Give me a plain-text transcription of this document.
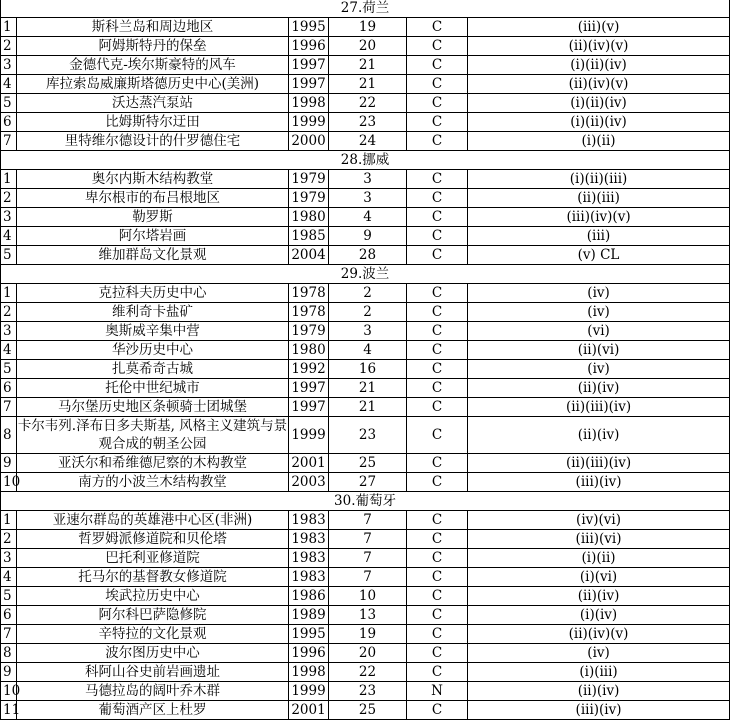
27.荷兰					
1	斯科兰岛和周边地区	1995	19	C	(iii)(v)
2	阿姆斯特丹的保垒	1996	20	C	(ii)(iv)(v)
3	金德代克-埃尔斯豪特的风车	1997	21	C	(i)(ii)(iv)
4	库拉索岛威廉斯塔德历史中心(美洲)	1997	21	C	(ii)(iv)(v)
5	沃达蒸汽泵站	1998	22	C	(i)(ii)(iv)
6	比姆斯特尔迂田	1999	23	C	(i)(ii)(iv)
7	里特维尔德设计的什罗德住宅	2000	24	C	(i)(ii)
28.挪威					
1	奥尔内斯木结构教堂	1979	3	C	(i)(ii)(iii)
2	卑尔根市的布吕根地区	1979	3	C	(ii)(iii)
3	勒罗斯	1980	4	C	(iii)(iv)(v)
4	阿尔塔岩画	1985	9	C	(iii)
5	维加群岛文化景观	2004	28	C	(v) CL
29.波兰					
1	克拉科夫历史中心	1978	2	C	(iv)
2	维利奇卡盐矿	1978	2	C	(iv)
3	奥斯威辛集中营	1979	3	C	(vi)
4	华沙历史中心	1980	4	C	(ii)(vi)
5	扎莫希奇古城	1992	16	C	(iv)
6	托伦中世纪城市	1997	21	C	(ii)(iv)
7	马尔堡历史地区条顿骑士团城堡	1997	21	C	(ii)(iii)(iv)
8	卡尔韦列.泽布日多夫斯基, 风格主义建筑与景观合成的朝圣公园	1999	23	C	(ii)(iv)
9	亚沃尔和希维德尼察的木构教堂	2001	25	C	(ii)(iii)(iv)
10	南方的小波兰木结构教堂	2003	27	C	(iii)(iv)
30.葡萄牙					
1	亚速尔群岛的英雄港中心区(非洲)	1983	7	C	(iv)(vi)
2	哲罗姆派修道院和贝伦塔	1983	7	C	(iii)(vi)
3	巴托利亚修道院	1983	7	C	(i)(ii)
4	托马尔的基督教女修道院	1983	7	C	(i)(vi)
5	埃武拉历史中心	1986	10	C	(ii)(iv)
6	阿尔科巴萨隐修院	1989	13	C	(i)(iv)
7	辛特拉的文化景观	1995	19	C	(ii)(iv)(v)
8	波尔图历史中心	1996	20	C	(iv)
9	科阿山谷史前岩画遗址	1998	22	C	(i)(iii)
10	马德拉岛的阔叶乔木群	1999	23	N	(ii)(iv)
11	葡萄酒产区上杜罗	2001	25	C	(iii)(iv)
